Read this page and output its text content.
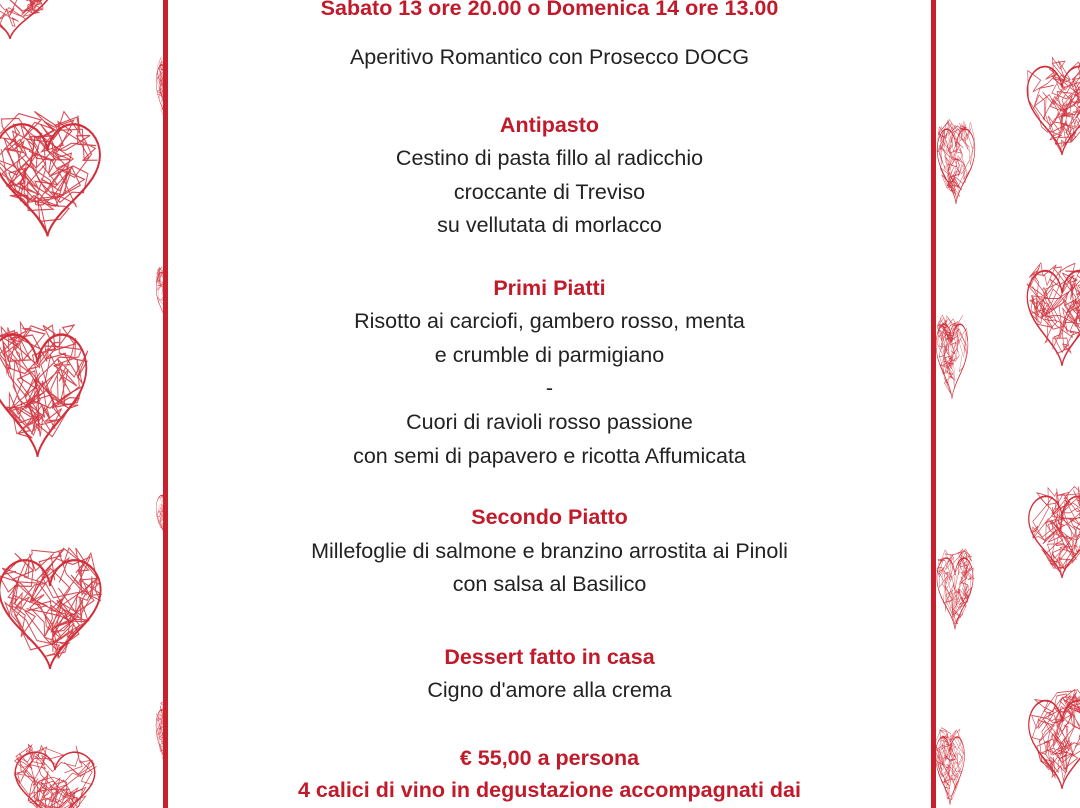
Sabato 13 ore 20.00 o Domenica 14 ore 13.00
Aperitivo Romantico con Prosecco DOCG
Antipasto
Cestino di pasta fillo al radicchio
croccante di Treviso
su vellutata di morlacco
Primi Piatti
Risotto ai carciofi, gambero rosso, menta
e crumble di parmigiano
-
Cuori di ravioli rosso passione
con semi di papavero e ricotta Affumicata
Secondo Piatto
Millefoglie di salmone e branzino arrostita ai Pinoli
con salsa al Basilico
Dessert fatto in casa
Cigno d'amore alla crema
€ 55,00 a persona
4 calici di vino in degustazione accompagnati dai
